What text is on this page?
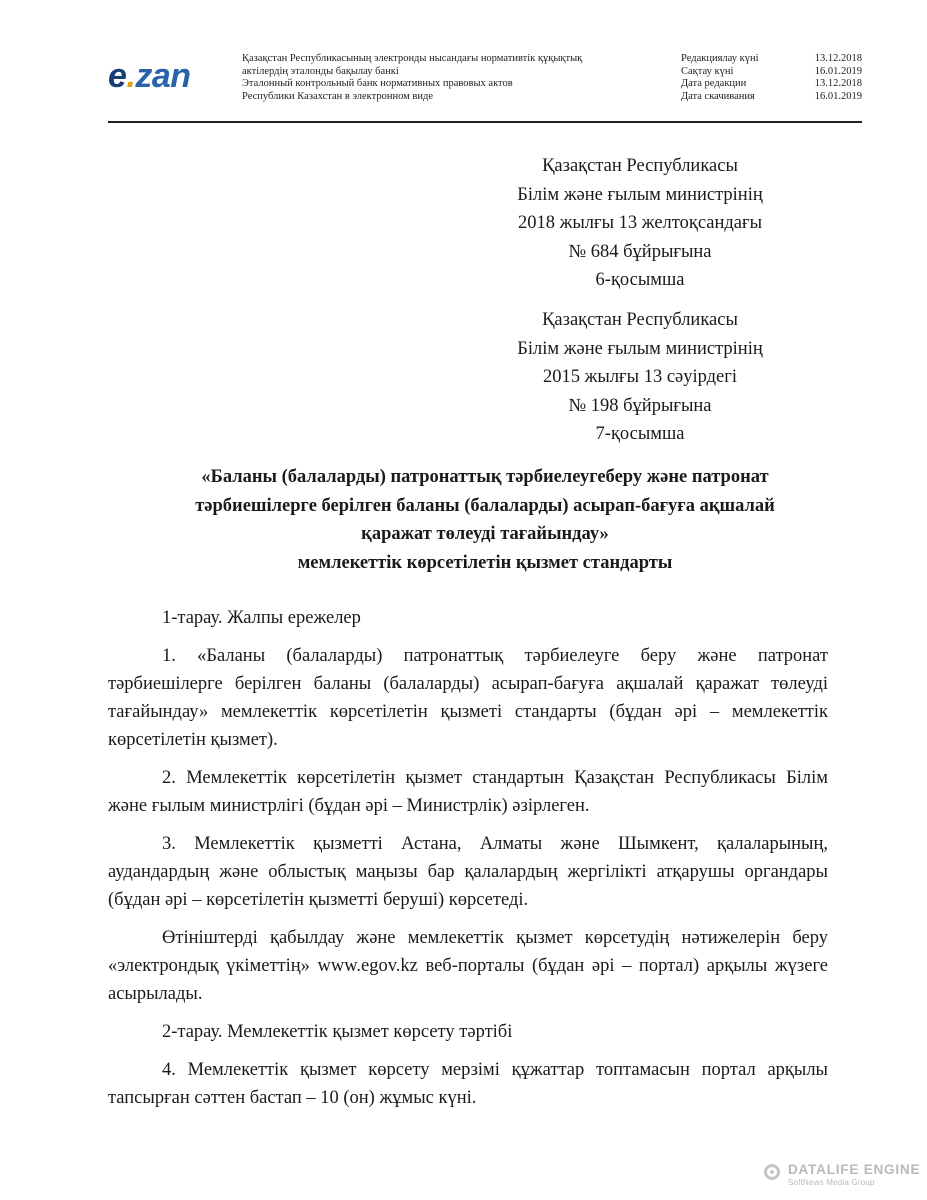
e.zan	Қазақстан Республикасының электронды нысандағы нормативтік құқықтық
актілердің эталонды бақылау банкі
Эталонный контрольный банк нормативных правовых актов
Республики Казахстан в электронном виде
Редакциялау күні	13.12.2018
Сақтау күні	16.01.2019
Дата редакции	13.12.2018
Дата скачивания	16.01.2019
Қазақстан Республикасы
Білім және ғылым министрінің
2018 жылғы 13 желтоқсандағы
№ 684 бұйрығына
6-қосымша
Қазақстан Республикасы
Білім және ғылым министрінің
2015 жылғы 13 сәуірдегі
№ 198 бұйрығына
7-қосымша
«Баланы (балаларды) патронаттық тәрбиелеугеберу және патронат
тәрбиешілерге берілген баланы (балаларды) асырап-бағуға ақшалай
қаражат төлеуді тағайындау»
мемлекеттік көрсетілетін қызмет стандарты

1-тарау. Жалпы ережелер

1. «Баланы (балаларды) патронаттық тәрбиелеуге беру және патронат тәрбиешілерге берілген баланы (балаларды) асырап-бағуға ақшалай қаражат төлеуді тағайындау» мемлекеттік көрсетілетін қызметі стандарты (бұдан әрі – мемлекеттік көрсетілетін қызмет).

2. Мемлекеттік көрсетілетін қызмет стандартын Қазақстан Республикасы Білім және ғылым министрлігі (бұдан әрі – Министрлік) әзірлеген.

3. Мемлекеттік қызметті Астана, Алматы және Шымкент, қалаларының, аудандардың және облыстық маңызы бар қалалардың жергілікті атқарушы органдары (бұдан әрі – көрсетілетін қызметті беруші) көрсетеді.

Өтініштерді қабылдау және мемлекеттік қызмет көрсетудің нәтижелерін беру «электрондық үкіметтің» www.egov.kz веб-порталы (бұдан әрі – портал) арқылы жүзеге асырылады.

2-тарау. Мемлекеттік қызмет көрсету тәртібі

4. Мемлекеттік қызмет көрсету мерзімі құжаттар топтамасын портал арқылы тапсырған сәттен бастап – 10 (он) жұмыс күні.

DATALIFE ENGINE
SoftNews Media Group
